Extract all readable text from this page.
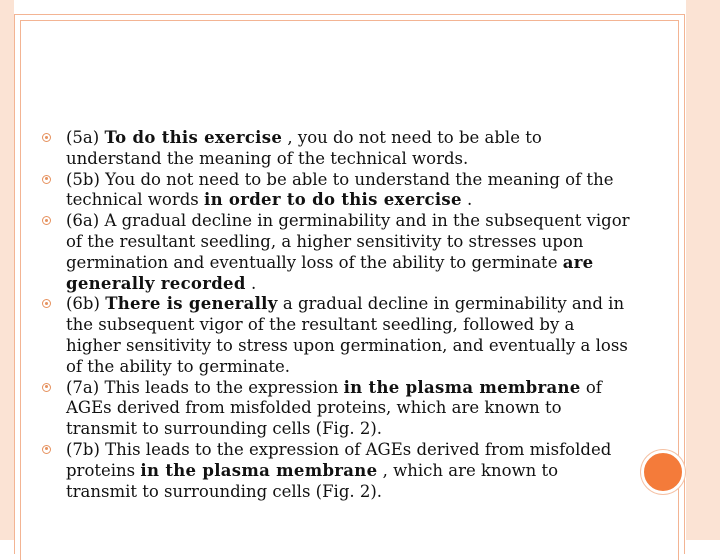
(5a) To do this exercise , you do not need to be able to understand the meaning of the technical words.
(5b) You do not need to be able to understand the meaning of the technical words in order to do this exercise .
(6a) A gradual decline in germinability and in the subsequent vigor of the resultant seedling, a higher sensitivity to stresses upon germination and eventually loss of the ability to germinate are generally recorded .
(6b) There is generally a gradual decline in germinability and in the subsequent vigor of the resultant seedling, followed by a higher sensitivity to stress upon germination, and eventually a loss of the ability to germinate.
(7a) This leads to the expression in the plasma membrane of AGEs derived from misfolded proteins, which are known to transmit to surrounding cells (Fig. 2).
(7b) This leads to the expression of AGEs derived from misfolded proteins in the plasma membrane , which are known to transmit to surrounding cells (Fig. 2).
